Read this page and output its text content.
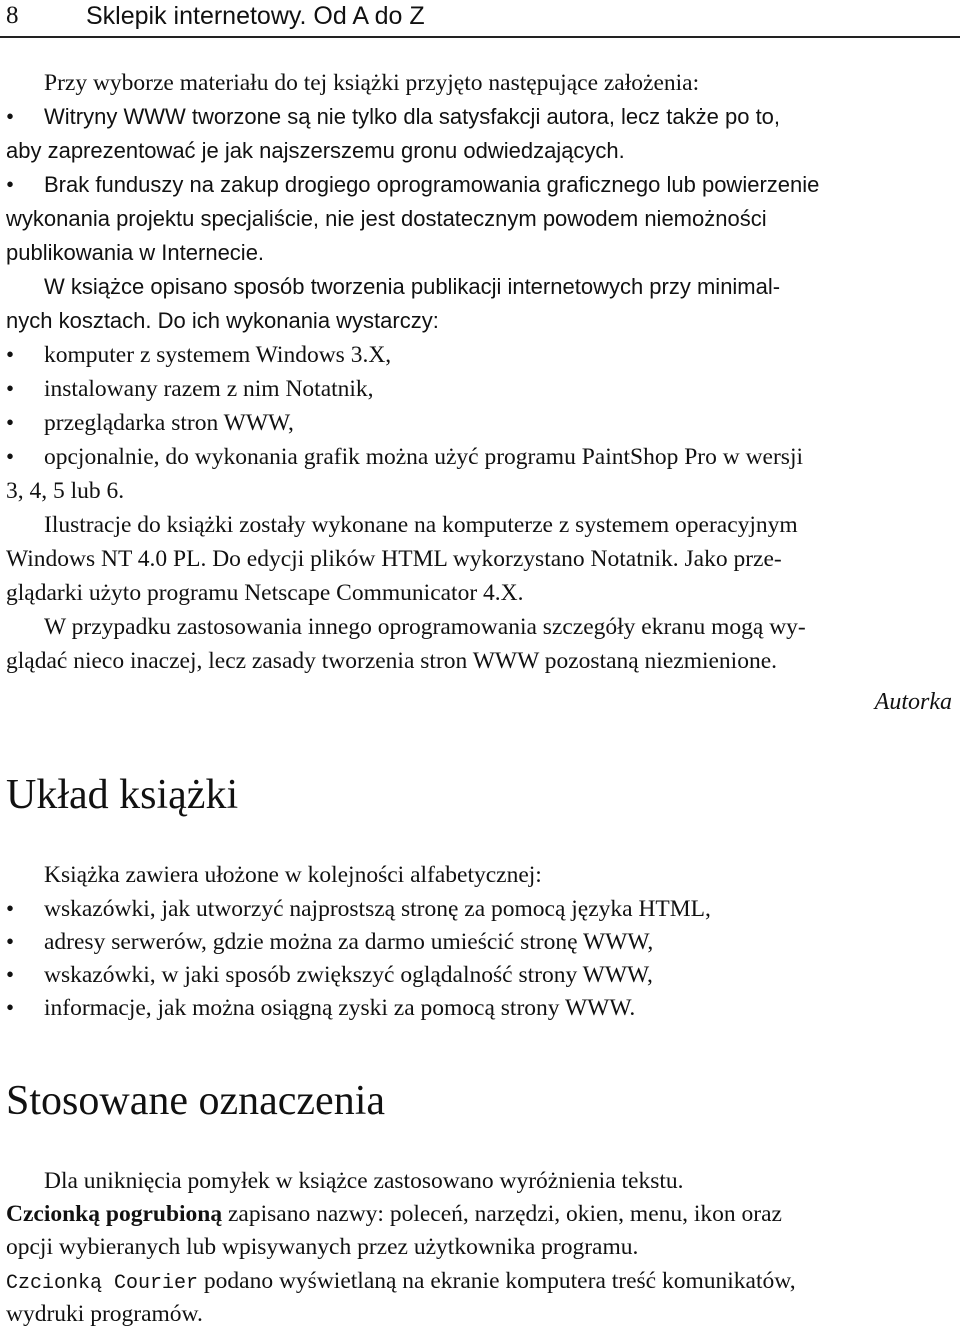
8	Sklepik internetowy. Od A do Z

Przy wyborze materiału do tej książki przyjęto następujące założenia:

• Witryny WWW tworzone są nie tylko dla satysfakcji autora, lecz także po to,

aby zaprezentować je jak najszerszemu gronu odwiedzających.

• Brak funduszy na zakup drogiego oprogramowania graficznego lub powierzenie

wykonania projektu specjaliście, nie jest dostatecznym powodem niemożności

publikowania w Internecie.

W książce opisano sposób tworzenia publikacji internetowych przy minimal-

nych kosztach. Do ich wykonania wystarczy:

• komputer z systemem Windows 3.X,

• instalowany razem z nim Notatnik,

• przeglądarka stron WWW,

• opcjonalnie, do wykonania grafik można użyć programu PaintShop Pro w wersji

3, 4, 5 lub 6.

Ilustracje do książki zostały wykonane na komputerze z systemem operacyjnym

Windows NT 4.0 PL. Do edycji plików HTML wykorzystano Notatnik. Jako prze-

glądarki użyto programu Netscape Communicator 4.X.

W przypadku zastosowania innego oprogramowania szczegóły ekranu mogą wy-

glądać nieco inaczej, lecz zasady tworzenia stron WWW pozostaną niezmienione.

Autorka
Układ książki

Książka zawiera ułożone w kolejności alfabetycznej:

• wskazówki, jak utworzyć najprostszą stronę za pomocą języka HTML,

• adresy serwerów, gdzie można za darmo umieścić stronę WWW,

• wskazówki, w jaki sposób zwiększyć oglądalność strony WWW,

• informacje, jak można osiągną zyski za pomocą strony WWW.

Stosowane oznaczenia

Dla uniknięcia pomyłek w książce zastosowano wyróżnienia tekstu.

Czcionką pogrubioną zapisano nazwy: poleceń, narzędzi, okien, menu, ikon oraz

opcji wybieranych lub wpisywanych przez użytkownika programu.

Czcionką Courier podano wyświetlaną na ekranie komputera treść komunikatów,

wydruki programów.
